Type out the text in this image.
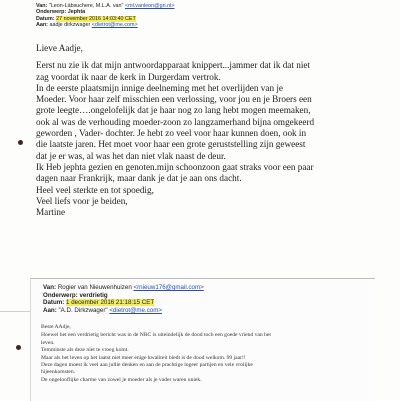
Van: "Leon-Läbsuchere, M.L.A. van" <ml.vanleon@gn.nl>
Onderwerp: Jephta
Datum: 27 november 2016 14:03:40 CET
Aan: aadje dirkzwager <dietrot@me.com>

Lieve Aadje,

Eerst nu zie ik dat mijn antwoordapparaat knippert...jammer dat ik dat niet

zag voordat ik naar de kerk in Durgerdam vertrok.

In de eerste plaatsmijn innige deelneming met het overlijden van je

Moeder. Voor haar zelf misschien een verlossing, voor jou en je Broers een

grote leegte….ongelofelijk dat je haar nog zo lang hebt mogen meemaken,

ook al was de verhouding moeder-zoon zo langzamerhand bijna omgekeerd

geworden , Vader- dochter. Je hebt zo veel voor haar kunnen doen, ook in

die laatste jaren. Het moet voor haar een grote geruststelling zijn geweest

dat je er was, al was het dan niet vlak naast de deur.

Ik Heb jephta gezien en genoten.mijn schoonzoon gaat straks voor een paar

dagen naar Frankrijk, maar dank je dat je aan ons dacht.

Heel veel sterkte en tot spoedig,

Veel liefs voor je beiden,

Martine

Van: Rogier van Nieuwenhuizen <rnieuw176@gmail.com>
Onderwerp: verdrietig
Datum: 1 december 2016 21:18:15 CET
Aan: "A.D. Dirkzwager" <dietrot@me.com>

Beste AAdje,

Hoewel het een verdrietig bericht was in de NRC is uiteindelijk de dood toch een goede vriend van het

leven.

Temminste als deze niet te vroeg komt.

Maar als het leven op het laatst niet meer enige kwaliteit biedt is de dood welkom. 99 jaar!!

Deze dagen moest ik veel aan jullie denken en aan de prachtige logeer partijen en vele vrolijke

hijeenkomsten.

De ongelooflijke charme van zowel je moeder als je vader waren uniek.
